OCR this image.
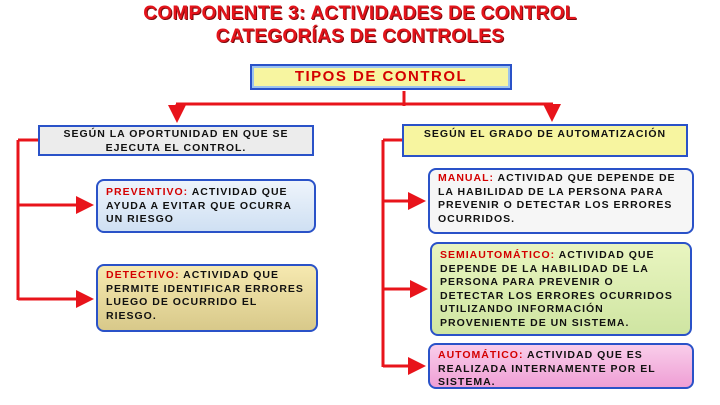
COMPONENTE 3: ACTIVIDADES DE CONTROL
CATEGORÍAS DE CONTROLES
TIPOS DE CONTROL
SEGÚN LA OPORTUNIDAD EN QUE SE EJECUTA EL CONTROL.
SEGÚN EL GRADO DE AUTOMATIZACIÓN
PREVENTIVO: ACTIVIDAD QUE AYUDA A EVITAR QUE OCURRA UN RIESGO
DETECTIVO: ACTIVIDAD QUE PERMITE IDENTIFICAR ERRORES LUEGO DE OCURRIDO EL RIESGO.
MANUAL: ACTIVIDAD QUE DEPENDE DE LA HABILIDAD DE LA PERSONA PARA PREVENIR O DETECTAR LOS ERRORES OCURRIDOS.
SEMIAUTOMÁTICO: ACTIVIDAD QUE DEPENDE DE LA HABILIDAD DE LA PERSONA PARA PREVENIR O DETECTAR LOS ERRORES OCURRIDOS UTILIZANDO INFORMACIÓN PROVENIENTE DE UN SISTEMA.
AUTOMÁTICO: ACTIVIDAD QUE ES REALIZADA INTERNAMENTE POR EL SISTEMA.
